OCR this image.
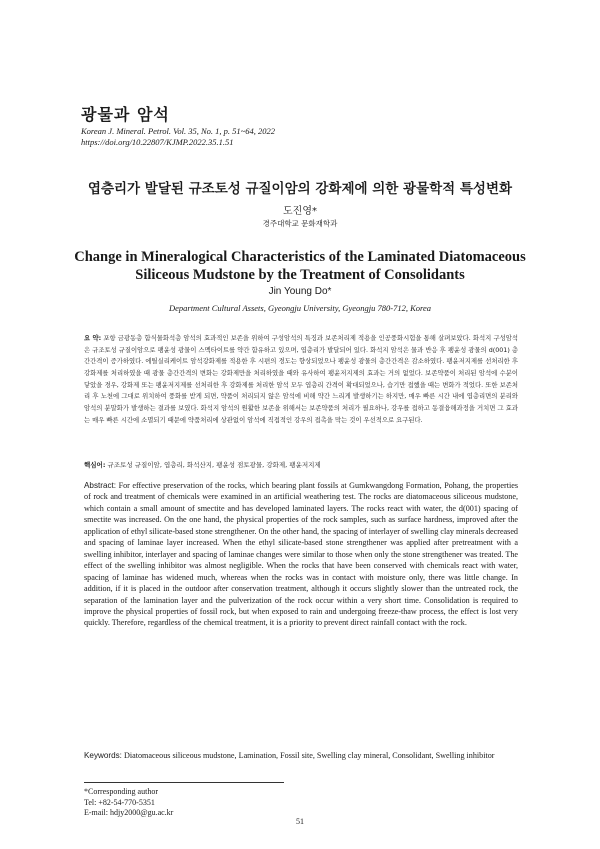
광물과 암석
Korean J. Mineral. Petrol. Vol. 35, No. 1, p. 51~64, 2022
https://doi.org/10.22807/KJMP.2022.35.1.51
엽층리가 발달된 규조토성 규질이암의 강화제에 의한 광물학적 특성변화
도진영*
경주대학교 문화재학과
Change in Mineralogical Characteristics of the Laminated Diatomaceous
Siliceous Mudstone by the Treatment of Consolidants
Jin Young Do*
Department Cultural Assets, Gyeongju University, Gyeongju 780-712, Korea
요 약: 포항 금광동층 함식물화석층 암석의 효과적인 보존을 위하여 구성암석의 특징과 보존처리제 적용을 인공풍화시험을 통해 살펴보았다. 화석지 구성암석은 규조토성 규질이암으로 팽윤성 광물이 스멕타이트를 약간 함유하고 있으며, 엽층리가 발달되어 있다. 화석지 암석은 물과 반응 후 팽윤성 광물의 d(001) 층간간격이 증가하였다. 에틸실리케이트 암석강화제를 적용한 후 시편의 경도는 향상되었으나 팽윤성 광물의 층간간격은 감소하였다. 팽윤저지제를 선처리한 후 강화제를 처리하였을 때 광물 층간간격의 변화는 강화제만을 처리하였을 때와 유사하여 팽윤저지제의 효과는 거의 없었다. 보존약품이 처리된 암석에 수분이 닿았을 경우, 강화제 또는 팽윤저지제를 선처리한 후 강화제를 처리한 암석 모두 엽층리 간격이 확대되었으나, 습기만 접했을 때는 변화가 적었다. 또한 보존처리 후 노천에 그대로 위치하여 풍화를 받게 되면, 약품이 처리되지 않은 암석에 비해 약간 느리게 발생하기는 하지만, 매우 빠른 시간 내에 엽층리면의 분리와 암석의 분말화가 발생하는 결과를 보였다. 화석지 암석의 원활한 보존을 위해서는 보존약품의 처리가 필요하나, 강우를 접하고 동결융해과정을 거치면 그 효과는 매우 빠른 시간에 소멸되기 때문에 약품처리에 상관없이 암석에 직접적인 강우의 접촉을 막는 것이 우선적으로 요구된다.
핵심어: 규조토성 규질이암, 엽층리, 화석산지, 팽윤성 점토광물, 강화제, 팽윤저지제
Abstract: For effective preservation of the rocks, which bearing plant fossils at Gumkwangdong Formation, Pohang, the properties of rock and treatment of chemicals were examined in an artificial weathering test. The rocks are diatomaceous siliceous mudstone, which contain a small amount of smectite and has developed laminated layers. The rocks react with water, the d(001) spacing of smectite was increased. On the one hand, the physical properties of the rock samples, such as surface hardness, improved after the application of ethyl silicate-based stone strengthener. On the other hand, the spacing of interlayer of swelling clay minerals decreased and spacing of laminae layer increased. When the ethyl silicate-based stone strengthener was applied after pretreatment with a swelling inhibitor, interlayer and spacing of laminae changes were similar to those when only the stone strengthener was treated. The effect of the swelling inhibitor was almost negligible. When the rocks that have been conserved with chemicals react with water, spacing of laminae has widened much, whereas when the rocks was in contact with moisture only, there was little change. In addition, if it is placed in the outdoor after conservation treatment, although it occurs slightly slower than the untreated rock, the separation of the lamination layer and the pulverization of the rock occur within a very short time. Consolidation is required to improve the physical properties of fossil rock, but when exposed to rain and undergoing freeze-thaw process, the effect is lost very quickly. Therefore, regardless of the chemical treatment, it is a priority to prevent direct rainfall contact with the rock.
Keywords: Diatomaceous siliceous mudstone, Lamination, Fossil site, Swelling clay mineral, Consolidant, Swelling inhibitor
*Corresponding author
Tel: +82-54-770-5351
E-mail: hdjy2000@gu.ac.kr
51
